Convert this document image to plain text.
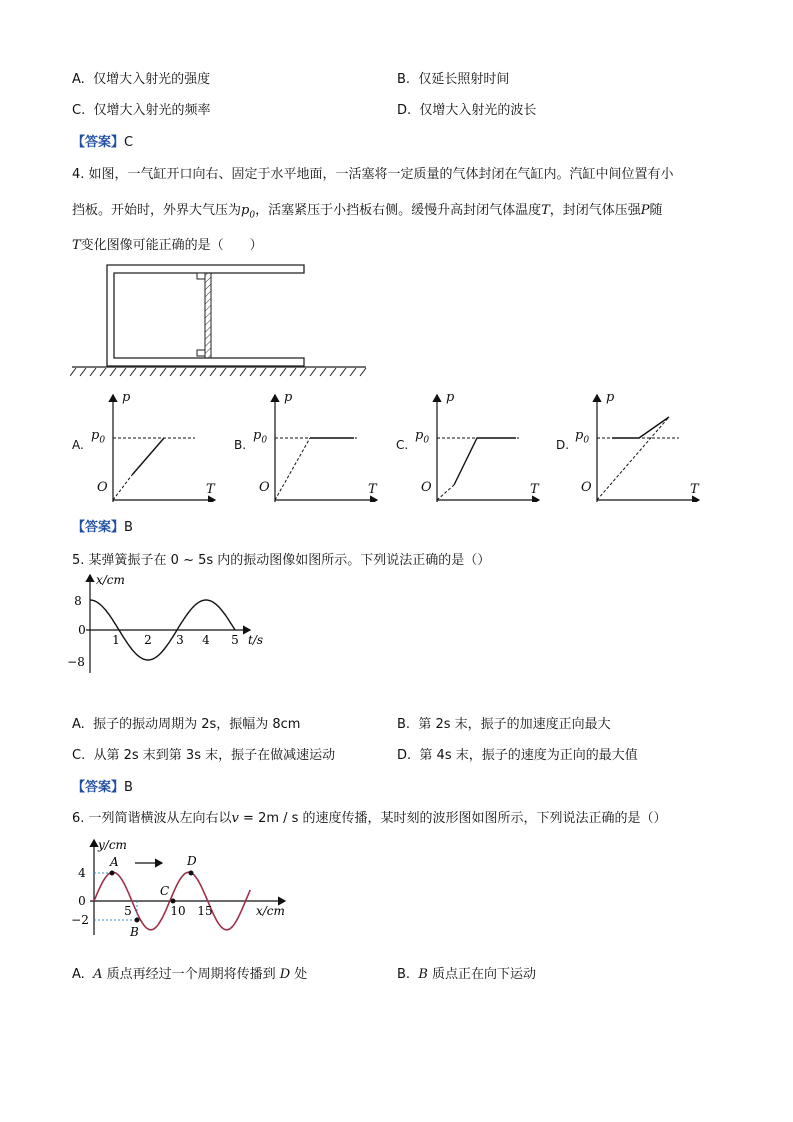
A. 仅增大入射光的强度	B. 仅延长照射时间
C. 仅增大入射光的频率	D. 仅增大入射光的波长
【答案】C
4. 如图，一气缸开口向右、固定于水平地面，一活塞将一定质量的气体封闭在气缸内。汽缸中间位置有小
挡板。开始时，外界大气压为$p_0$，活塞紧压于小挡板右侧。缓慢升高封闭气体温度T，封闭气体压强P随
T变化图像可能正确的是（　　）
p
$p_0$
O	T
A.
p
$p_0$
O	T
B.
p
$p_0$
O	T
C.
p
$p_0$
O	T
D.
【答案】B
5. 某弹簧振子在 0 ~ 5s 内的振动图像如图所示。下列说法正确的是（）
x/cm
t/s
8
0
−8
1 2 3 4 5
A. 振子的振动周期为 2s，振幅为 8cm	B. 第 2s 末，振子的加速度正向最大
C. 从第 2s 末到第 3s 末，振子在做减速运动	D. 第 4s 末，振子的速度为正向的最大值
【答案】B
6. 一列简谐横波从左向右以v = 2m / s 的速度传播，某时刻的波形图如图所示，下列说法正确的是（）
A
B
C
D
y/cm
x/cm
4
0
−2
5	10 15
A. A 质点再经过一个周期将传播到 D 处	B. B 质点正在向下运动
